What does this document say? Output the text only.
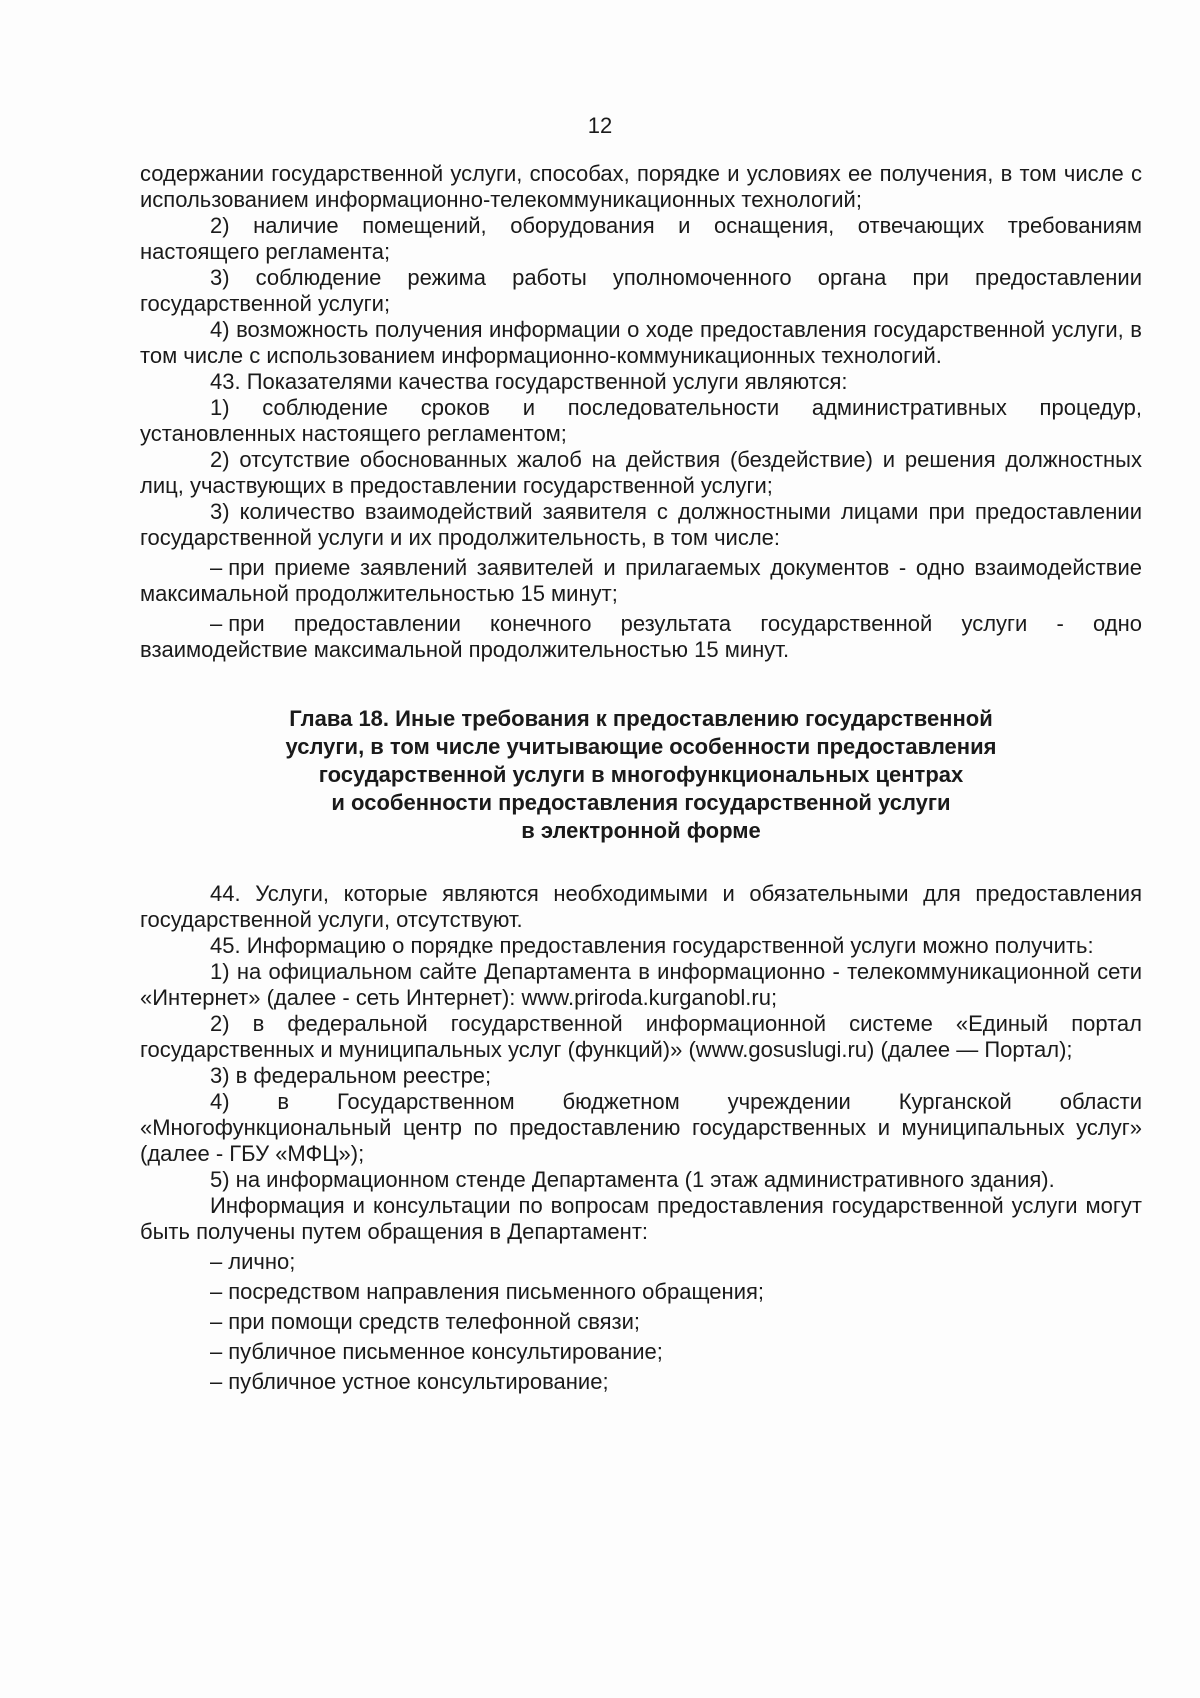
12

содержании государственной услуги, способах, порядке и условиях ее получения, в том числе с использованием информационно-телекоммуникационных технологий;

2) наличие помещений, оборудования и оснащения, отвечающих требованиям настоящего регламента;

3) соблюдение режима работы уполномоченного органа при предоставлении государственной услуги;

4) возможность получения информации о ходе предоставления государственной услуги, в том числе с использованием информационно-коммуникационных технологий.

43. Показателями качества государственной услуги являются:

1) соблюдение сроков и последовательности административных процедур, установленных настоящего регламентом;

2) отсутствие обоснованных жалоб на действия (бездействие) и решения должностных лиц, участвующих в предоставлении государственной услуги;

3) количество взаимодействий заявителя с должностными лицами при предоставлении государственной услуги и их продолжительность, в том числе:

– при приеме заявлений заявителей и прилагаемых документов - одно взаимодействие максимальной продолжительностью 15 минут;

– при предоставлении конечного результата государственной услуги - одно взаимодействие максимальной продолжительностью 15 минут.

Глава 18. Иные требования к предоставлению государственной
услуги, в том числе учитывающие особенности предоставления
государственной услуги в многофункциональных центрах
и особенности предоставления государственной услуги
в электронной форме

44. Услуги, которые являются необходимыми и обязательными для предоставления государственной услуги, отсутствуют.

45. Информацию о порядке предоставления государственной услуги можно получить:

1) на официальном сайте Департамента в информационно - телекоммуникационной сети «Интернет» (далее - сеть Интернет): www.priroda.kurganobl.ru;

2) в федеральной государственной информационной системе «Единый портал государственных и муниципальных услуг (функций)» (www.gosuslugi.ru) (далее — Портал);

3) в федеральном реестре;

4) в Государственном бюджетном учреждении Курганской области «Многофункциональный центр по предоставлению государственных и муниципальных услуг» (далее - ГБУ «МФЦ»);

5) на информационном стенде Департамента (1 этаж административного здания).

Информация и консультации по вопросам предоставления государственной услуги могут быть получены путем обращения в Департамент:

– лично;

– посредством направления письменного обращения;

– при помощи средств телефонной связи;

– публичное письменное консультирование;

– публичное устное консультирование;
